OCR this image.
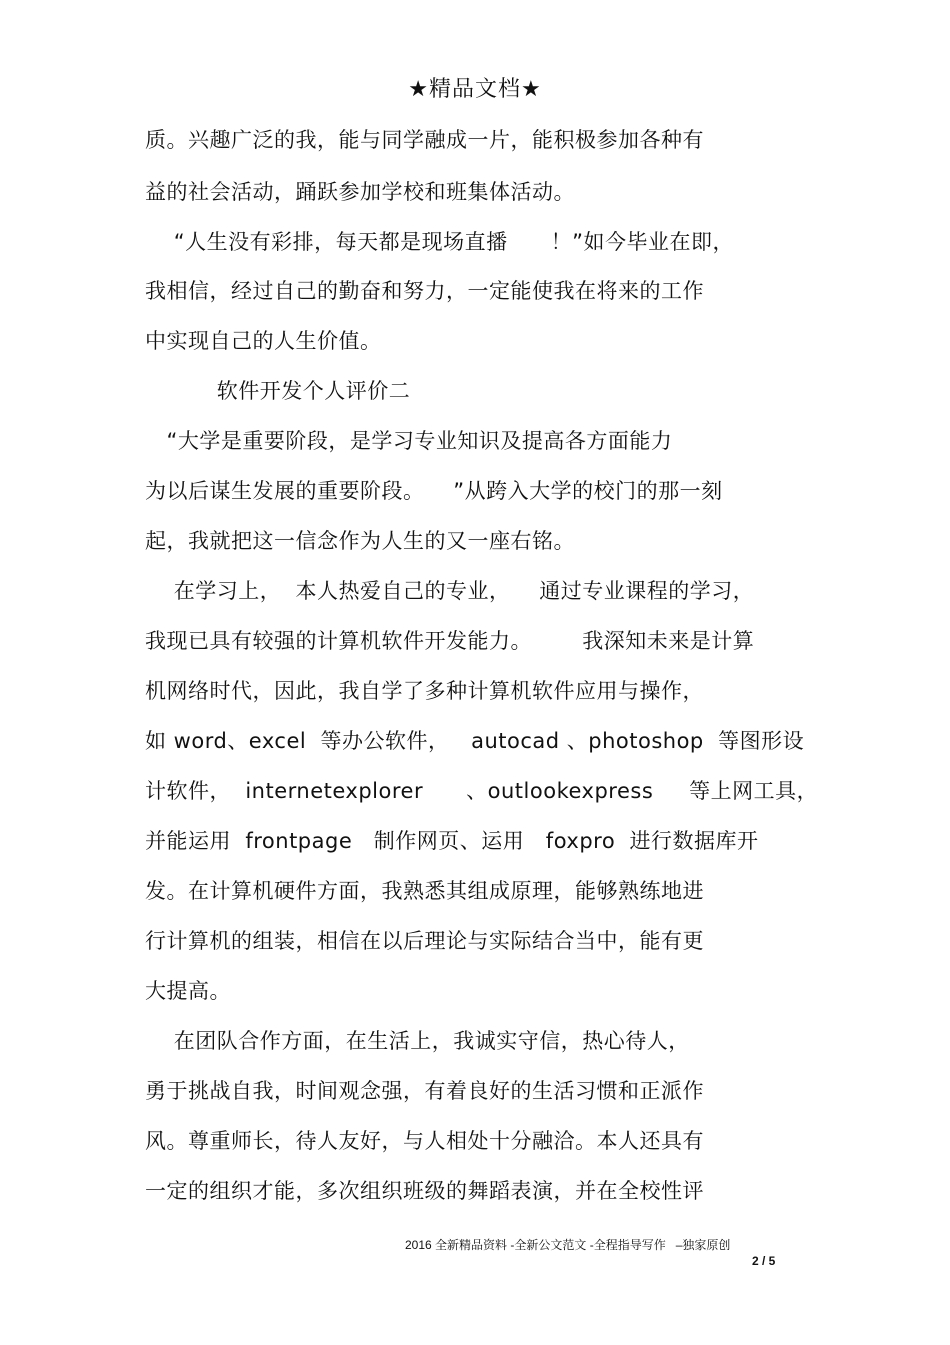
★精品文档★
质。兴趣广泛的我，能与同学融成一片，能积极参加各种有
益的社会活动，踊跃参加学校和班集体活动。
“人生没有彩排，每天都是现场直播      ！”如今毕业在即，
我相信，经过自己的勤奋和努力，一定能使我在将来的工作
中实现自己的人生价值。
软件开发个人评价二
“大学是重要阶段，是学习专业知识及提高各方面能力
为以后谋生发展的重要阶段。    ”从跨入大学的校门的那一刻
起，我就把这一信念作为人生的又一座右铭。
在学习上，  本人热爱自己的专业，    通过专业课程的学习，
我现已具有较强的计算机软件开发能力。       我深知未来是计算
机网络时代，因此，我自学了多种计算机软件应用与操作，
如 word、excel  等办公软件，   autocad 、photoshop  等图形设
计软件，  internetexplorer      、outlookexpress     等上网工具，
并能运用  frontpage   制作网页、运用   foxpro  进行数据库开
发。在计算机硬件方面，我熟悉其组成原理，能够熟练地进
行计算机的组装，相信在以后理论与实际结合当中，能有更
大提高。
在团队合作方面，在生活上，我诚实守信，热心待人，
勇于挑战自我，时间观念强，有着良好的生活习惯和正派作
风。尊重师长，待人友好，与人相处十分融洽。本人还具有
一定的组织才能，多次组织班级的舞蹈表演，并在全校性评
2016 全新精品资料 -全新公文范文 -全程指导写作   –独家原创
2 / 5
